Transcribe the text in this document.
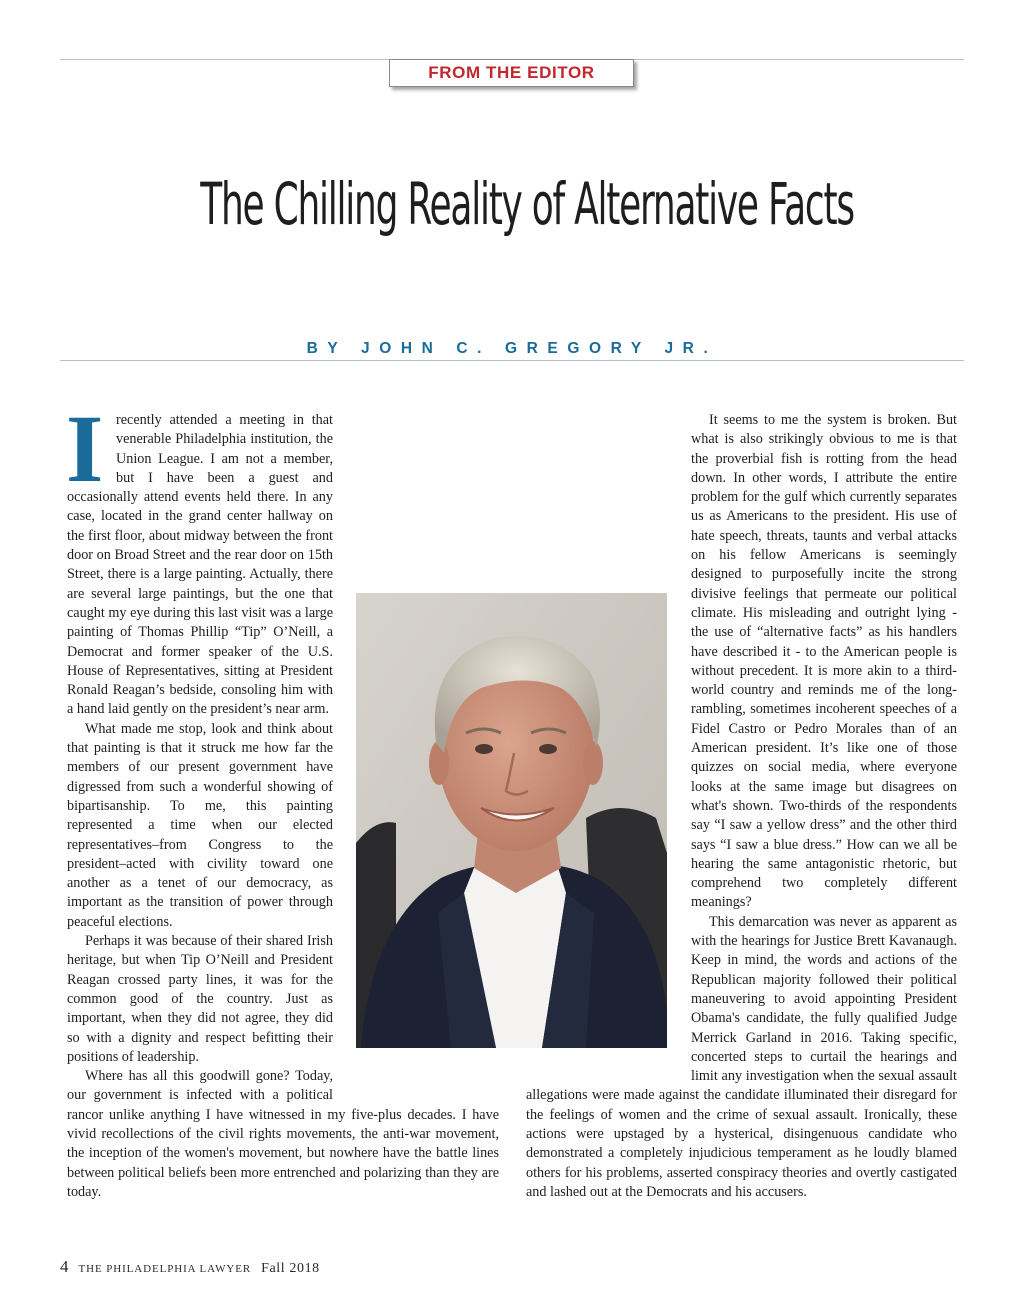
FROM THE EDITOR
The Chilling Reality of Alternative Facts
BY JOHN C. GREGORY JR.
I recently attended a meeting in that venerable Philadelphia institution, the Union League. I am not a member, but I have been a guest and occasionally attend events held there. In any case, located in the grand center hallway on the first floor, about midway between the front door on Broad Street and the rear door on 15th Street, there is a large painting. Actually, there are several large paintings, but the one that caught my eye during this last visit was a large painting of Thomas Phillip “Tip” O’Neill, a Democrat and former speaker of the U.S. House of Representatives, sitting at President Ronald Reagan’s bedside, consoling him with a hand laid gently on the president’s near arm.

What made me stop, look and think about that painting is that it struck me how far the members of our present government have digressed from such a wonderful showing of bipartisanship. To me, this painting represented a time when our elected representatives–from Congress to the president–acted with civility toward one another as a tenet of our democracy, as important as the transition of power through peaceful elections.

Perhaps it was because of their shared Irish heritage, but when Tip O’Neill and President Reagan crossed party lines, it was for the common good of the country. Just as important, when they did not agree, they did so with a dignity and respect befitting their positions of leadership.

Where has all this goodwill gone? Today, our government is infected with a political rancor unlike anything I have witnessed in my five-plus decades. I have vivid recollections of the civil rights movements, the anti-war movement, the inception of the women's movement, but nowhere have the battle lines between political beliefs been more entrenched and polarizing than they are today.

It seems to me the system is broken. But what is also strikingly obvious to me is that the proverbial fish is rotting from the head down. In other words, I attribute the entire problem for the gulf which currently separates us as Americans to the president. His use of hate speech, threats, taunts and verbal attacks on his fellow Americans is seemingly designed to purposefully incite the strong divisive feelings that permeate our political climate. His misleading and outright lying - the use of “alternative facts” as his handlers have described it - to the American people is without precedent. It is more akin to a third-world country and reminds me of the long-rambling, sometimes incoherent speeches of a Fidel Castro or Pedro Morales than of an American president. It’s like one of those quizzes on social media, where everyone looks at the same image but disagrees on what's shown. Two-thirds of the respondents say “I saw a yellow dress” and the other third says “I saw a blue dress.” How can we all be hearing the same antagonistic rhetoric, but comprehend two completely different meanings?

This demarcation was never as apparent as with the hearings for Justice Brett Kavanaugh. Keep in mind, the words and actions of the Republican majority followed their political maneuvering to avoid appointing President Obama's candidate, the fully qualified Judge Merrick Garland in 2016. Taking specific, concerted steps to curtail the hearings and limit any investigation when the sexual assault allegations were made against the candidate illuminated their disregard for the feelings of women and the crime of sexual assault. Ironically, these actions were upstaged by a hysterical, disingenuous candidate who demonstrated a completely injudicious temperament as he loudly blamed others for his problems, asserted conspiracy theories and overtly castigated and lashed out at the Democrats and his accusers.

4 THE PHILADELPHIA LAWYER Fall 2018
